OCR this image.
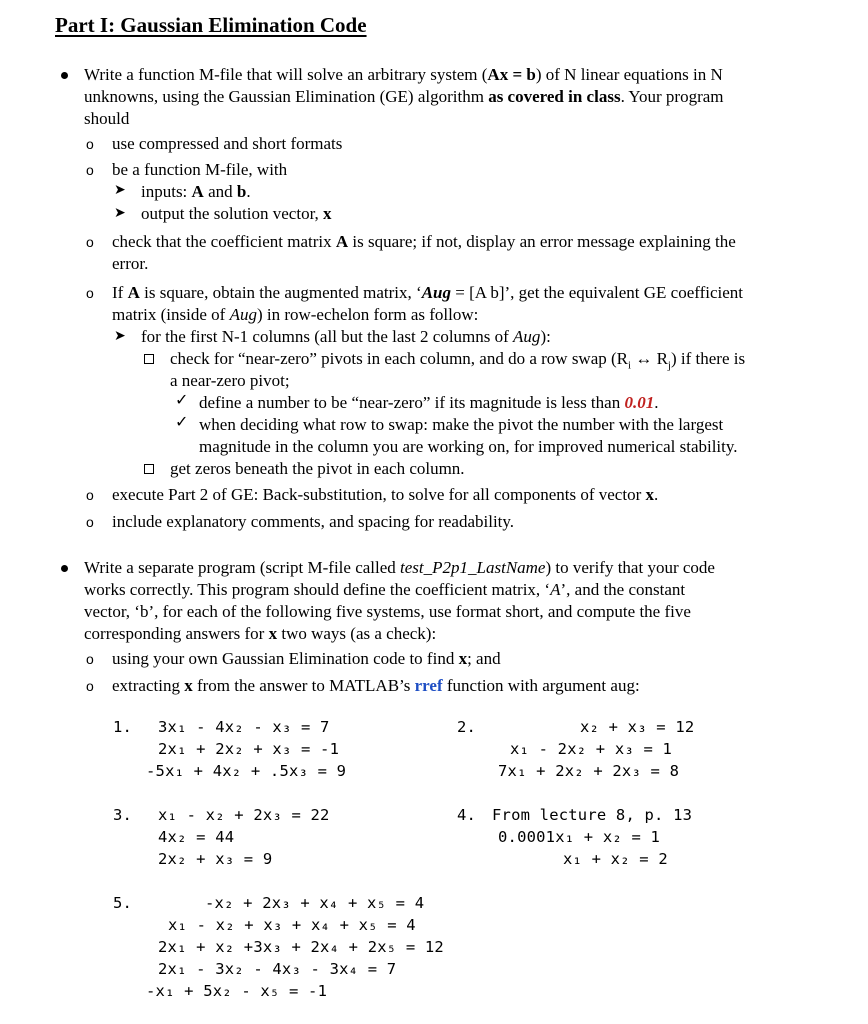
Part I: Gaussian Elimination Code
Write a function M-file that will solve an arbitrary system (Ax = b) of N linear equations in N
unknowns, using the Gaussian Elimination (GE) algorithm as covered in class. Your program
should
o use compressed and short formats
o be a function M-file, with
➤ inputs: A and b.
➤ output the solution vector, x
o check that the coefficient matrix A is square; if not, display an error message explaining the
error.
o If A is square, obtain the augmented matrix, ‘Aug = [A b]’, get the equivalent GE coefficient
matrix (inside of Aug) in row-echelon form as follow:
➤ for the first N-1 columns (all but the last 2 columns of Aug):
check for “near-zero” pivots in each column, and do a row swap ($R_i$ ↔ $R_j$) if there is
a near-zero pivot;
✓ define a number to be “near-zero” if its magnitude is less than 0.01.
✓ when deciding what row to swap: make the pivot the number with the largest
magnitude in the column you are working on, for improved numerical stability.
get zeros beneath the pivot in each column.
o execute Part 2 of GE: Back-substitution, to solve for all components of vector x.
o include explanatory comments, and spacing for readability.
Write a separate program (script M-file called test_P2p1_LastName) to verify that your code
works correctly. This program should define the coefficient matrix, ‘A’, and the constant
vector, ‘b’, for each of the following five systems, use format short, and compute the five
corresponding answers for x two ways (as a check):
o using your own Gaussian Elimination code to find x; and
o extracting x from the answer to MATLAB’s rref function with argument aug:
1. 3x₁ - 4x₂ - x₃ = 7
2x₁ + 2x₂ + x₃ = -1
-5x₁ + 4x₂ + .5x₃ = 9
2.	x₂ + x₃ = 12
x₁ - 2x₂ + x₃ = 1
7x₁ + 2x₂ + 2x₃ = 8
3. x₁ - x₂ + 2x₃ = 22
4x₂ = 44
2x₂ + x₃ = 9
4. From lecture 8, p. 13
0.0001x₁ + x₂ = 1
x₁ + x₂ = 2
5.	-x₂ + 2x₃ + x₄ + x₅ = 4
x₁ - x₂ + x₃ + x₄ + x₅ = 4
2x₁ + x₂ +3x₃ + 2x₄ + 2x₅ = 12
2x₁ - 3x₂ - 4x₃ - 3x₄ = 7
-x₁ + 5x₂ - x₅ = -1
